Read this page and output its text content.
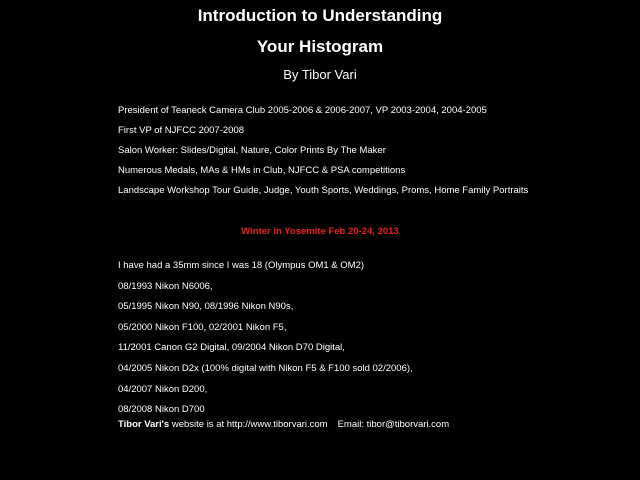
Introduction to Understanding
Your Histogram
By Tibor Vari

President of Teaneck Camera Club 2005-2006 & 2006-2007, VP 2003-2004, 2004-2005

First VP of NJFCC 2007-2008

Salon Worker: Slides/Digital, Nature, Color Prints By The Maker

Numerous Medals, MAs & HMs in Club, NJFCC & PSA competitions

Landscape Workshop Tour Guide, Judge, Youth Sports, Weddings, Proms, Home Family Portraits

Winter in Yosemite Feb 20-24, 2013

I have had a 35mm since I was 18 (Olympus OM1 & OM2)

08/1993 Nikon N6006,

05/1995 Nikon N90, 08/1996 Nikon N90s,

05/2000 Nikon F100, 02/2001 Nikon F5,

11/2001 Canon G2 Digital, 09/2004 Nikon D70 Digital,

04/2005 Nikon D2x (100% digital with Nikon F5 & F100 sold 02/2006),

04/2007 Nikon D200,

08/2008 Nikon D700

Tibor Vari's website is at http://www.tiborvari.com Email: tibor@tiborvari.com
